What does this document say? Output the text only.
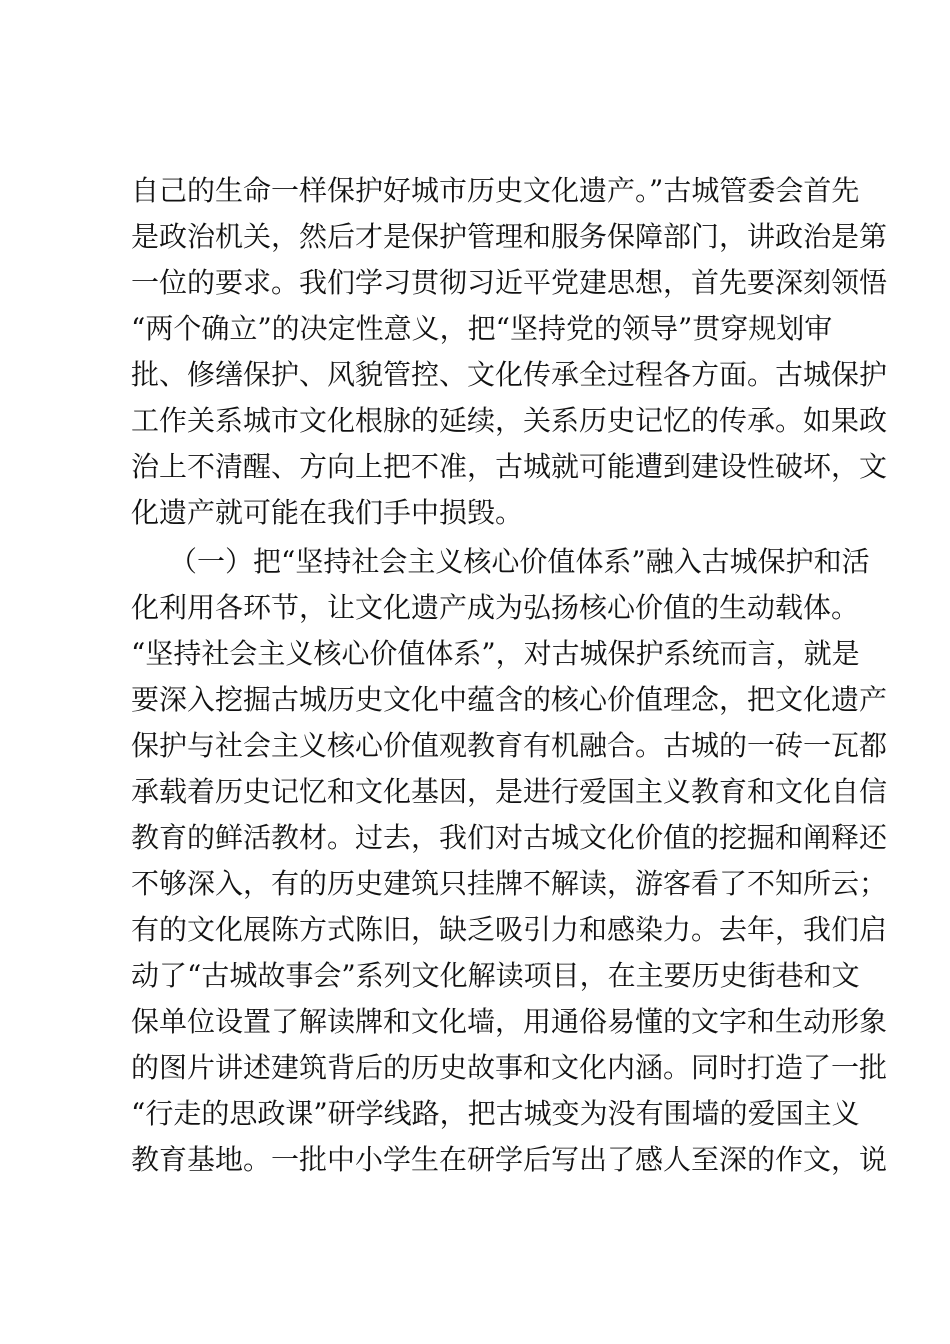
自己的生命一样保护好城市历史文化遗产。”古城管委会首先
是政治机关，然后才是保护管理和服务保障部门，讲政治是第
一位的要求。我们学习贯彻习近平党建思想，首先要深刻领悟
“两个确立”的决定性意义，把“坚持党的领导”贯穿规划审
批、修缮保护、风貌管控、文化传承全过程各方面。古城保护
工作关系城市文化根脉的延续，关系历史记忆的传承。如果政
治上不清醒、方向上把不准，古城就可能遭到建设性破坏，文
化遗产就可能在我们手中损毁。
（一）把“坚持社会主义核心价值体系”融入古城保护和活
化利用各环节，让文化遗产成为弘扬核心价值的生动载体。
“坚持社会主义核心价值体系”，对古城保护系统而言，就是
要深入挖掘古城历史文化中蕴含的核心价值理念，把文化遗产
保护与社会主义核心价值观教育有机融合。古城的一砖一瓦都
承载着历史记忆和文化基因，是进行爱国主义教育和文化自信
教育的鲜活教材。过去，我们对古城文化价值的挖掘和阐释还
不够深入，有的历史建筑只挂牌不解读，游客看了不知所云；
有的文化展陈方式陈旧，缺乏吸引力和感染力。去年，我们启
动了“古城故事会”系列文化解读项目，在主要历史街巷和文
保单位设置了解读牌和文化墙，用通俗易懂的文字和生动形象
的图片讲述建筑背后的历史故事和文化内涵。同时打造了一批
“行走的思政课”研学线路，把古城变为没有围墙的爱国主义
教育基地。一批中小学生在研学后写出了感人至深的作文，说
